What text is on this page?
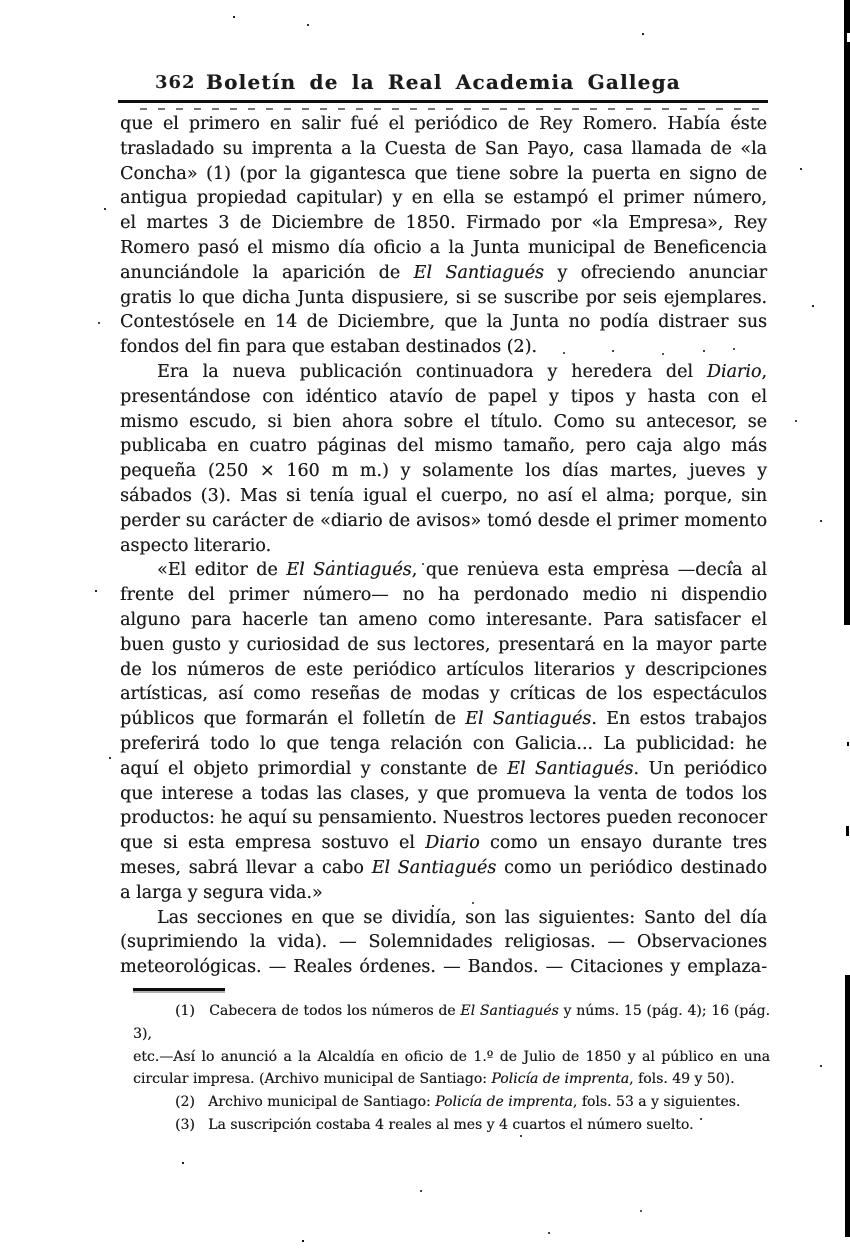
362 Boletín de la Real Academia Gallega
que el primero en salir fué el periódico de Rey Romero. Había éste
trasladado su imprenta a la Cuesta de San Payo, casa llamada de «la
Concha» (1) (por la gigantesca que tiene sobre la puerta en signo de
antigua propiedad capitular) y en ella se estampó el primer número,
el martes 3 de Diciembre de 1850. Firmado por «la Empresa», Rey
Romero pasó el mismo día oficio a la Junta municipal de Beneficencia
anunciándole la aparición de El Santiagués y ofreciendo anunciar
gratis lo que dicha Junta dispusiere, si se suscribe por seis ejemplares.
Contestósele en 14 de Diciembre, que la Junta no podía distraer sus
fondos del fin para que estaban destinados (2).
Era la nueva publicación continuadora y heredera del Diario,
presentándose con idéntico atavío de papel y tipos y hasta con el
mismo escudo, si bien ahora sobre el título. Como su antecesor, se
publicaba en cuatro páginas del mismo tamaño, pero caja algo más
pequeña (250 × 160 m m.) y solamente los días martes, jueves y
sábados (3). Mas si tenía igual el cuerpo, no así el alma; porque, sin
perder su carácter de «diario de avisos» tomó desde el primer momento
aspecto literario.
«El editor de El Santiagués, que renueva esta empresa —decía al
frente del primer número— no ha perdonado medio ni dispendio
alguno para hacerle tan ameno como interesante. Para satisfacer el
buen gusto y curiosidad de sus lectores, presentará en la mayor parte
de los números de este periódico artículos literarios y descripciones
artísticas, así como reseñas de modas y críticas de los espectáculos
públicos que formarán el folletín de El Santiagués. En estos trabajos
preferirá todo lo que tenga relación con Galicia... La publicidad: he
aquí el objeto primordial y constante de El Santiagués. Un periódico
que interese a todas las clases, y que promueva la venta de todos los
productos: he aquí su pensamiento. Nuestros lectores pueden reconocer
que si esta empresa sostuvo el Diario como un ensayo durante tres
meses, sabrá llevar a cabo El Santiagués como un periódico destinado
a larga y segura vida.»
Las secciones en que se dividía, son las siguientes: Santo del día
(suprimiendo la vida). — Solemnidades religiosas. — Observaciones
meteorológicas. — Reales órdenes. — Bandos. — Citaciones y emplaza-
(1)   Cabecera de todos los números de El Santiagués y núms. 15 (pág. 4); 16 (pág. 3),
etc.—Así lo anunció a la Alcaldía en oficio de 1.º de Julio de 1850 y al público en una
circular impresa. (Archivo municipal de Santiago: Policía de imprenta, fols. 49 y 50).
(2)   Archivo municipal de Santiago: Policía de imprenta, fols. 53 a y siguientes.
(3)   La suscripción costaba 4 reales al mes y 4 cuartos el número suelto.
